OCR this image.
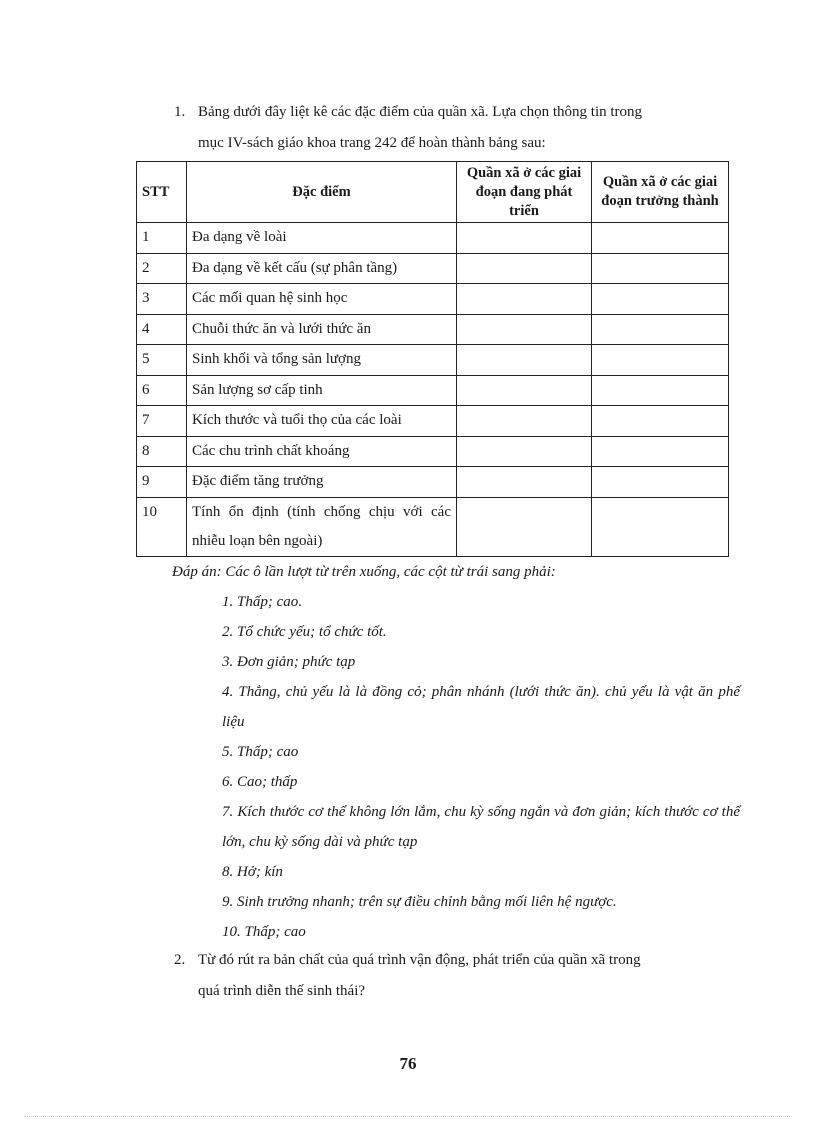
1. Bảng dưới đây liệt kê các đặc điểm của quần xã. Lựa chọn thông tin trong
mục IV-sách giáo khoa trang 242 để hoàn thành bảng sau:
STT	Đặc điểm	Quần xã ở các giai đoạn đang phát triển	Quần xã ở các giai đoạn trưởng thành
1	Đa dạng về loài		
2	Đa dạng về kết cấu (sự phân tầng)		
3	Các mối quan hệ sinh học		
4	Chuỗi thức ăn và lưới thức ăn		
5	Sinh khối và tổng sản lượng		
6	Sản lượng sơ cấp tinh		
7	Kích thước và tuổi thọ của các loài		
8	Các chu trình chất khoáng		
9	Đặc điểm tăng trưởng		
10	Tính ổn định (tính chống chịu với các nhiễu loạn bên ngoài)		
Đáp án: Các ô lần lượt từ trên xuống, các cột từ trái sang phải:
1. Thấp; cao.
2. Tổ chức yếu; tổ chức tốt.
3. Đơn giản; phức tạp
4. Thẳng, chủ yếu là là đồng cỏ; phân nhánh (lưới thức ăn). chủ yếu là vật ăn phế liệu
5. Thấp; cao
6. Cao; thấp
7. Kích thước cơ thể không lớn lắm, chu kỳ sống ngắn và đơn giản; kích thước cơ thể lớn, chu kỳ sống dài và phức tạp
8. Hở; kín
9. Sinh trưởng nhanh; trên sự điều chỉnh bằng mối liên hệ ngược.
10. Thấp; cao
2. Từ đó rút ra bản chất của quá trình vận động, phát triển của quần xã trong
quá trình diễn thế sinh thái?
76
